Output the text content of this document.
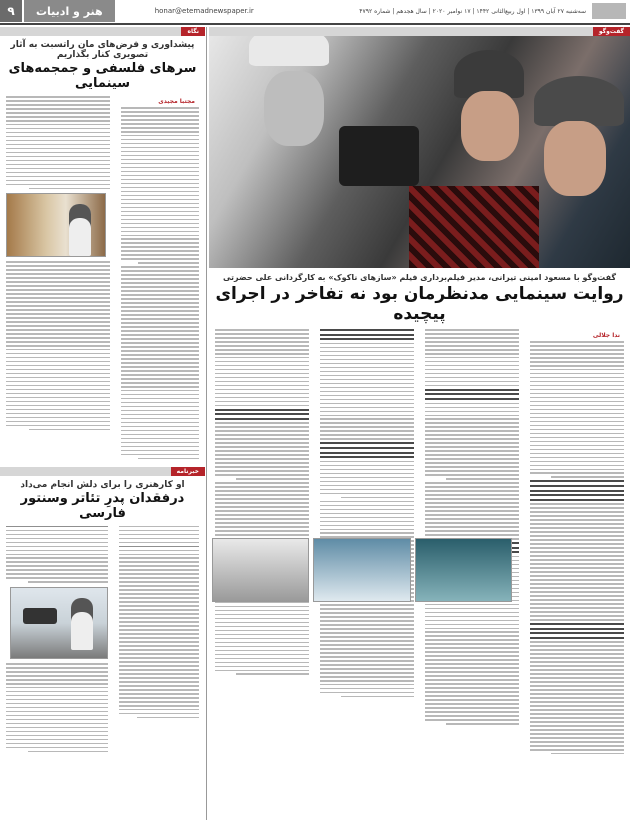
۹	هنر و ادبیات	honar@etemadnewspaper.ir	سه‌شنبه ۲۷ آبان ۱۳۹۹ | اول ربیع‌الثانی ۱۴۴۲ | ۱۷ نوامبر ۲۰۲۰ | سال هجدهم | شماره ۴۷۹۲
نگاه
پیشداوری و فرض‌های مان راتسبت به آثار تصویری کنار بگذاریم
سرهای فلسفی و جمجمه‌های سینمایی
مجتبا مجیدی
خبرنامه
او کارهنری را برای دلش انجام می‌داد
درفقدان پدرِ تئاتر وسنتور فارسی
گفت‌وگو
گفت‌وگو با مسعود امینی تیرانی، مدیر فیلم‌برداری فیلم «سازهای ناکوک» به کارگردانی علی حضرتی
روایت سینمایی مدنظرمان بود نه تفاخر در اجرای پیچیده
ندا جلالی
